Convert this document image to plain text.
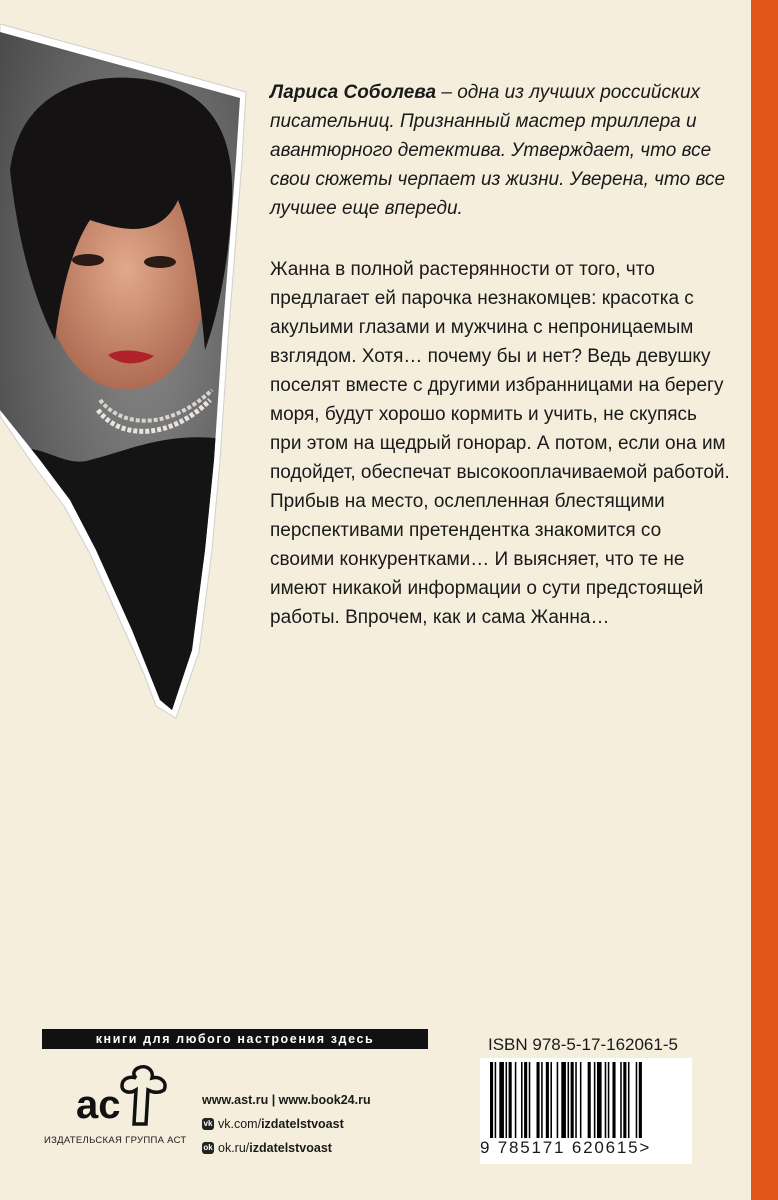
Лариса Соболева – одна из лучших российских писательниц. Признанный мастер триллера и авантюрного детектива. Утверждает, что все свои сюжеты черпает из жизни. Уверена, что все лучшее еще впереди.

Жанна в полной растерянности от того, что предлагает ей парочка незнакомцев: красотка с акульими глазами и мужчина с непроницаемым взглядом. Хотя… почему бы и нет? Ведь девушку поселят вместе с другими избранницами на берегу моря, будут хорошо кормить и учить, не скупясь при этом на щедрый гонорар. А потом, если она им подойдет, обеспечат высокооплачиваемой работой. Прибыв на место, ослепленная блестящими перспективами претендентка знакомится со своими конкурентками… И выясняет, что те не имеют никакой информации о сути предстоящей работы. Впрочем, как и сама Жанна…

книги для любого настроения здесь
ac
ИЗДАТЕЛЬСКАЯ ГРУППА АСТ
www.ast.ru | www.book24.ru
vk vk.com/ izdatelstvoast
ok ok.ru/ izdatelstvoast
ISBN 978-5-17-162061-5
9 785171 620615>
